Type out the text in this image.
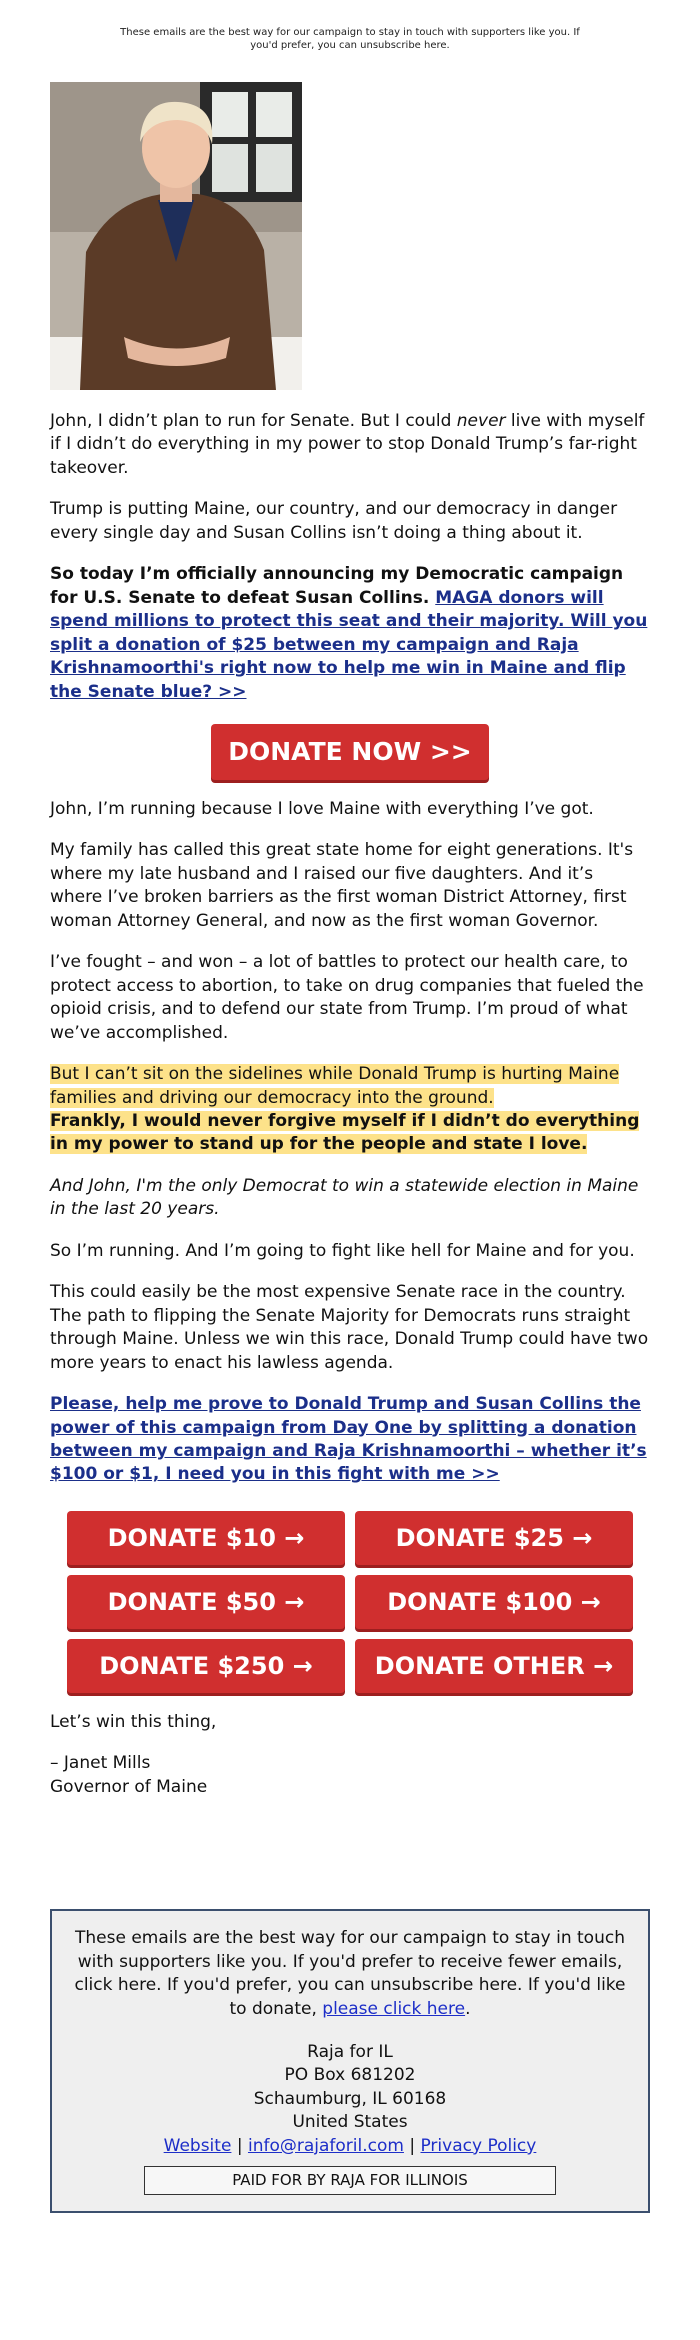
These emails are the best way for our campaign to stay in touch with supporters like you. If you'd prefer, you can unsubscribe here.

John, I didn’t plan to run for Senate. But I could never live with myself if I didn’t do everything in my power to stop Donald Trump’s far-right takeover.

Trump is putting Maine, our country, and our democracy in danger every single day and Susan Collins isn’t doing a thing about it.

So today I’m officially announcing my Democratic campaign for U.S. Senate to defeat Susan Collins. MAGA donors will spend millions to protect this seat and their majority. Will you split a donation of $25 between my campaign and Raja Krishnamoorthi's right now to help me win in Maine and flip the Senate blue? >>

DONATE NOW >>

John, I’m running because I love Maine with everything I’ve got.

My family has called this great state home for eight generations. It's where my late husband and I raised our five daughters. And it’s where I’ve broken barriers as the first woman District Attorney, first woman Attorney General, and now as the first woman Governor.

I’ve fought – and won – a lot of battles to protect our health care, to protect access to abortion, to take on drug companies that fueled the opioid crisis, and to defend our state from Trump. I’m proud of what we’ve accomplished.

But I can’t sit on the sidelines while Donald Trump is hurting Maine families and driving our democracy into the ground.
Frankly, I would never forgive myself if I didn’t do everything in my power to stand up for the people and state I love.

And John, I'm the only Democrat to win a statewide election in Maine in the last 20 years.

So I’m running. And I’m going to fight like hell for Maine and for you.

This could easily be the most expensive Senate race in the country. The path to flipping the Senate Majority for Democrats runs straight through Maine. Unless we win this race, Donald Trump could have two more years to enact his lawless agenda.

Please, help me prove to Donald Trump and Susan Collins the power of this campaign from Day One by splitting a donation between my campaign and Raja Krishnamoorthi – whether it’s $100 or $1, I need you in this fight with me >>

DONATE $10 →	DONATE $25 →
DONATE $50 →	DONATE $100 →
DONATE $250 →	DONATE OTHER →

Let’s win this thing,

– Janet Mills
Governor of Maine

These emails are the best way for our campaign to stay in touch with supporters like you. If you'd prefer to receive fewer emails, click here. If you'd prefer, you can unsubscribe here. If you'd like to donate, please click here.
Raja for IL
PO Box 681202
Schaumburg, IL 60168
United States
Website | info@rajaforil.com | Privacy Policy
PAID FOR BY RAJA FOR ILLINOIS
